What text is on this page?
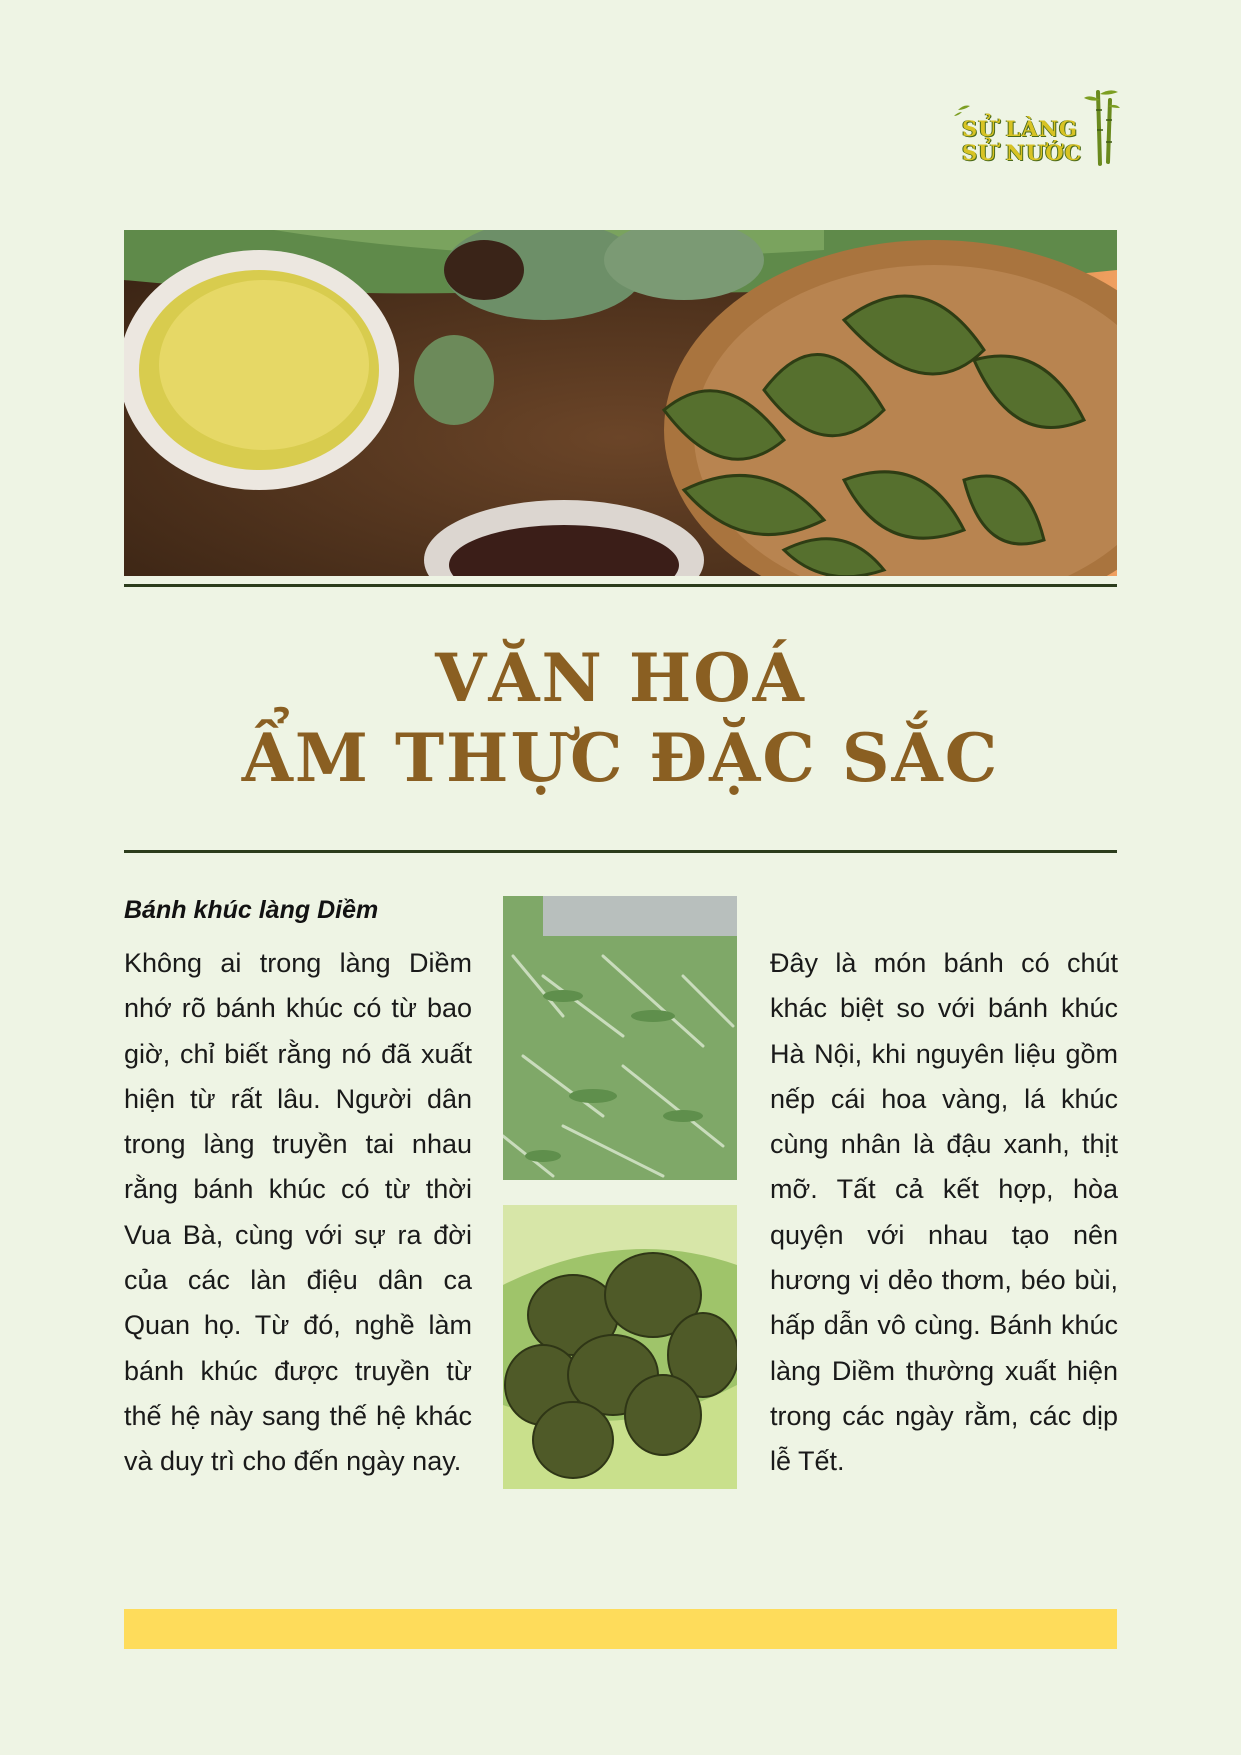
SỬ LÀNG
SỬ NƯỚC
VĂN HOÁ
ẨM THỰC ĐẶC SẮC
Bánh khúc làng Diềm
Không ai trong làng Diềm nhớ rõ bánh khúc có từ bao giờ, chỉ biết rằng nó đã xuất hiện từ rất lâu. Người dân trong làng truyền tai nhau rằng bánh khúc có từ thời Vua Bà, cùng với sự ra đời của các làn điệu dân ca Quan họ. Từ đó, nghề làm bánh khúc được truyền từ thế hệ này sang thế hệ khác và duy trì cho đến ngày nay.
Đây là món bánh có chút khác biệt so với bánh khúc Hà Nội, khi nguyên liệu gồm nếp cái hoa vàng, lá khúc cùng nhân là đậu xanh, thịt mỡ. Tất cả kết hợp, hòa quyện với nhau tạo nên hương vị dẻo thơm, béo bùi, hấp dẫn vô cùng. Bánh khúc làng Diềm thường xuất hiện trong các ngày rằm, các dịp lễ Tết.
